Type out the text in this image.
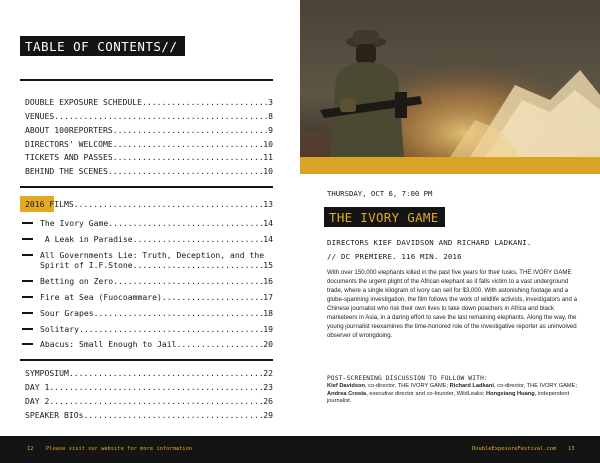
TABLE OF CONTENTS//
DOUBLE EXPOSURE SCHEDULE .....	3
VENUES .....	8
ABOUT 100REPORTERS .....	9
DIRECTORS' WELCOME .....	10
TICKETS AND PASSES .....	11
BEHIND THE SCENES .....	10
2016 FILMS .....	13
The Ivory Game .....	14
A Leak in Paradise .....	14
All Governments Lie: Truth, Deception, and the
Spirit of I.F.Stone .....	15
Betting on Zero .....	16
Fire at Sea (Fuocoammare) .....	17
Sour Grapes .....	18
Solitary .....	19
Abacus: Small Enough to Jail .....	20
SYMPOSIUM .....	22
DAY 1 .....	23
DAY 2 .....	26
SPEAKER BIOs .....	29
THURSDAY, OCT 6, 7:00 PM
THE IVORY GAME
DIRECTORS KIEF DAVIDSON AND RICHARD LADKANI.
// DC PREMIERE. 116 MIN. 2016
With over 150,000 elephants killed in the past five years for their tusks, THE IVORY GAME documents the urgent plight of the African elephant as it falls victim to a vast underground trade, where a single kilogram of ivory can sell for $3,000. With astonishing footage and a globe-spanning investigation, the film follows the work of wildlife activists, investigators and a Chinese journalist who risk their own lives to take down poachers in Africa and black marketeers in Asia, in a daring effort to save the last remaining elephants. Along the way, the young journalist reexamines the time-honored role of the investigative reporter as uninvolved observer of wrongdoing.
POST-SCREENING DISCUSSION TO FOLLOW WITH:
Kief Davidson, co-director, THE IVORY GAME; Richard Ladkani, co-director, THE IVORY GAME; Andrea Crosta, executive director and co-founder, WildLeaks; Hongxiang Huang, independent journalist.
12 Please visit our website for more information	DoubleExposureFestival.com 13
